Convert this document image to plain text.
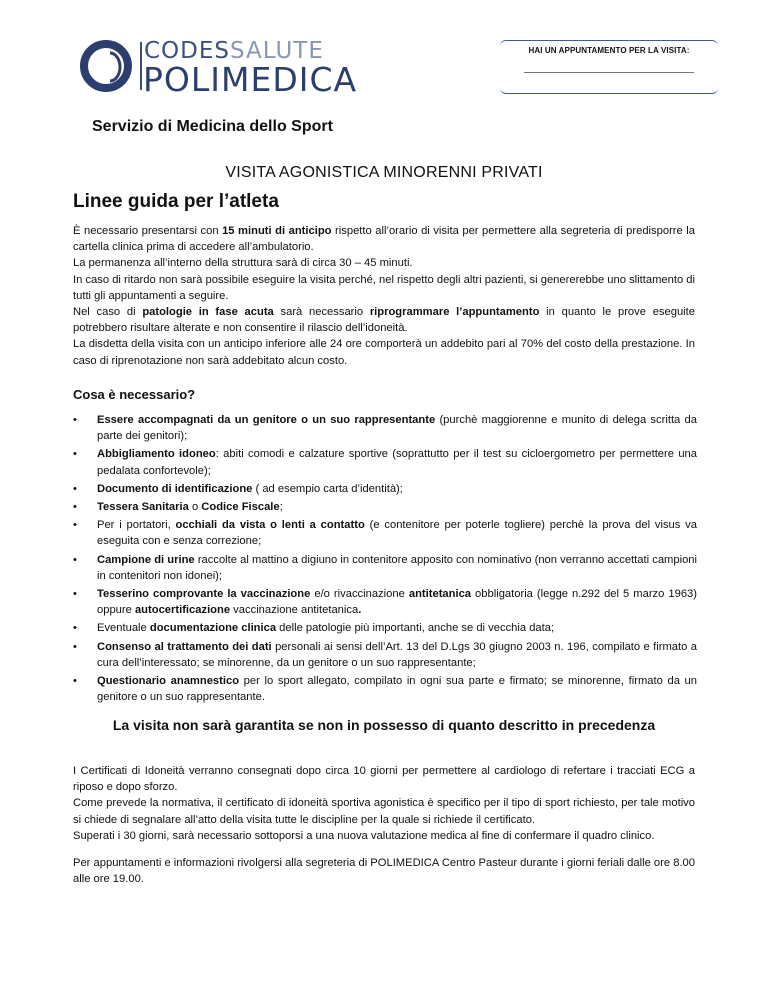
CODESSALUTE
POLIMEDICA
HAI UN APPUNTAMENTO PER LA VISITA:
Servizio di Medicina dello Sport
VISITA AGONISTICA MINORENNI PRIVATI
Linee guida per l’atleta

È necessario presentarsi con 15 minuti di anticipo rispetto all’orario di visita per permettere alla segreteria di predisporre la cartella clinica prima di accedere all’ambulatorio.

La permanenza all’interno della struttura sarà di circa 30 – 45 minuti.

In caso di ritardo non sarà possibile eseguire la visita perché, nel rispetto degli altri pazienti, si genererebbe uno slittamento di tutti gli appuntamenti a seguire.

Nel caso di patologie in fase acuta sarà necessario riprogrammare l’appuntamento in quanto le prove eseguite potrebbero risultare alterate e non consentire il rilascio dell’idoneità.

La disdetta della visita con un anticipo inferiore alle 24 ore comporterà un addebito pari al 70% del costo della prestazione. In caso di riprenotazione non sarà addebitato alcun costo.

Cosa è necessario?
• Essere accompagnati da un genitore o un suo rappresentante (purchè maggiorenne e munito di delega scritta da parte dei genitori);
• Abbigliamento idoneo: abiti comodi e calzature sportive (soprattutto per il test su cicloergometro per permettere una pedalata confortevole);
• Documento di identificazione ( ad esempio carta d’identità);
• Tessera Sanitaria o Codice Fiscale;
• Per i portatori, occhiali da vista o lenti a contatto (e contenitore per poterle togliere) perchè la prova del visus va eseguita con e senza correzione;
• Campione di urine raccolte al mattino a digiuno in contenitore apposito con nominativo (non verranno accettati campioni in contenitori non idonei);
• Tesserino comprovante la vaccinazione e/o rivaccinazione antitetanica obbligatoria (legge n.292 del 5 marzo 1963) oppure autocertificazione vaccinazione antitetanica.
• Eventuale documentazione clinica delle patologie più importanti, anche se di vecchia data;
• Consenso al trattamento dei dati personali ai sensi dell’Art. 13 del D.Lgs 30 giugno 2003 n. 196, compilato e firmato a cura dell’interessato; se minorenne, da un genitore o un suo rappresentante;
• Questionario anamnestico per lo sport allegato, compilato in ogni sua parte e firmato; se minorenne, firmato da un genitore o un suo rappresentante.
La visita non sarà garantita se non in possesso di quanto descritto in precedenza

I Certificati di Idoneità verranno consegnati dopo circa 10 giorni per permettere al cardiologo di refertare i tracciati ECG a riposo e dopo sforzo.

Come prevede la normativa, il certificato di idoneità sportiva agonistica è specifico per il tipo di sport richiesto, per tale motivo si chiede di segnalare all’atto della visita tutte le discipline per la quale si richiede il certificato.

Superati i 30 giorni, sarà necessario sottoporsi a una nuova valutazione medica al fine di confermare il quadro clinico.

Per appuntamenti e informazioni rivolgersi alla segreteria di POLIMEDICA Centro Pasteur durante i giorni feriali dalle ore 8.00 alle ore 19.00.
